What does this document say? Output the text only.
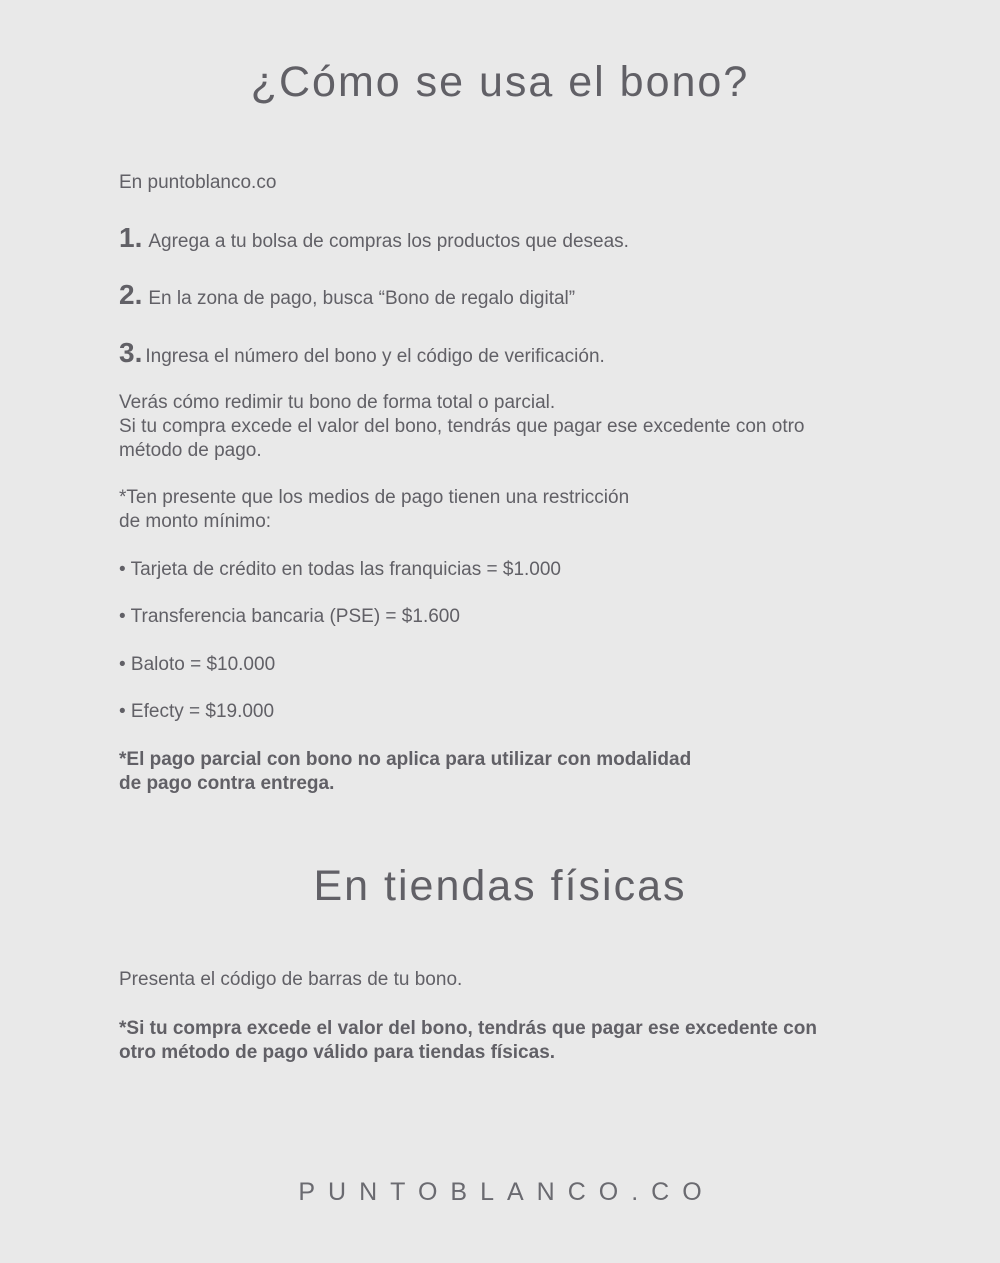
¿Cómo se usa el bono?
En puntoblanco.co
1. Agrega a tu bolsa de compras los productos que deseas.
2. En la zona de pago, busca “Bono de regalo digital”
3. Ingresa el número del bono y el código de verificación.
Verás cómo redimir tu bono de forma total o parcial.
Si tu compra excede el valor del bono, tendrás que pagar ese excedente con otro
método de pago.
*Ten presente que los medios de pago tienen una restricción
de monto mínimo:
• Tarjeta de crédito en todas las franquicias = $1.000
• Transferencia bancaria (PSE) = $1.600
• Baloto = $10.000
• Efecty = $19.000
*El pago parcial con bono no aplica para utilizar con modalidad
de pago contra entrega.
En tiendas físicas
Presenta el código de barras de tu bono.
*Si tu compra excede el valor del bono, tendrás que pagar ese excedente con
otro método de pago válido para tiendas físicas.
PUNTOBLANCO.CO
